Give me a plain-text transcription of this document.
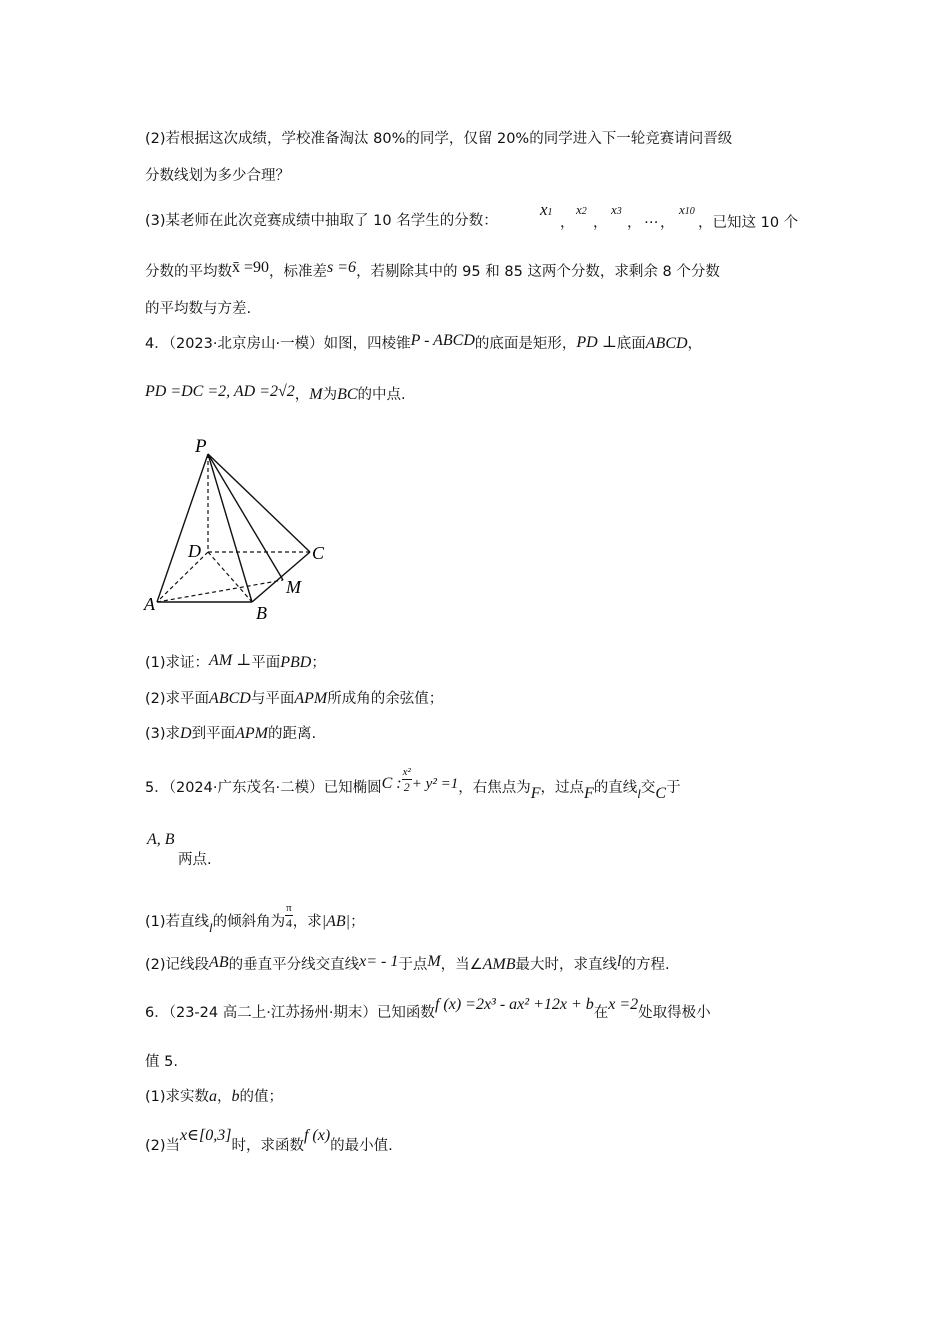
(2)若根据这次成绩，学校准备淘汰 80%的同学，仅留 20%的同学进入下一轮竞赛请问晋级
分数线划为多少合理？
(3)某老师在此次竞赛成绩中抽取了 10 名学生的分数：
x1
，
x2
，
x3
， … ，
x10
，已知这 10 个
分数的平均数x̄ =90，标准差s =6，若剔除其中的 95 和 85 这两个分数，求剩余 8 个分数
的平均数与方差.
4．（2023·北京房山·一模）如图，四棱锥P - ABCD的底面是矩形，PD ⊥底面ABCD，
PD =DC =2, AD =2√2，M为BC的中点.
P
D	C
M
A	B
(1)求证：AM ⊥平面PBD；
(2)求平面ABCD与平面APM所成角的余弦值；
(3)求D到平面APM的距离.
5．（2024·广东茂名·二模）已知椭圆C : $\frac{\text{x²}}{2} + y^2 =1$，右焦点为F，过点F的直线l交C于
A, B
两点.
(1)若直线l的倾斜角为 $\frac{\pi}{4}$ ，求|AB|；
(2)记线段AB的垂直平分线交直线x= - 1于点M，当∠AMB最大时，求直线l的方程.
6．（23-24 高二上·江苏扬州·期末）已知函数f (x) =2x³ - ax² +12x + b在x =2处取得极小
值 5.
(1)求实数a，b的值；
(2)当x∈[0,3]时，求函数f (x)的最小值.
